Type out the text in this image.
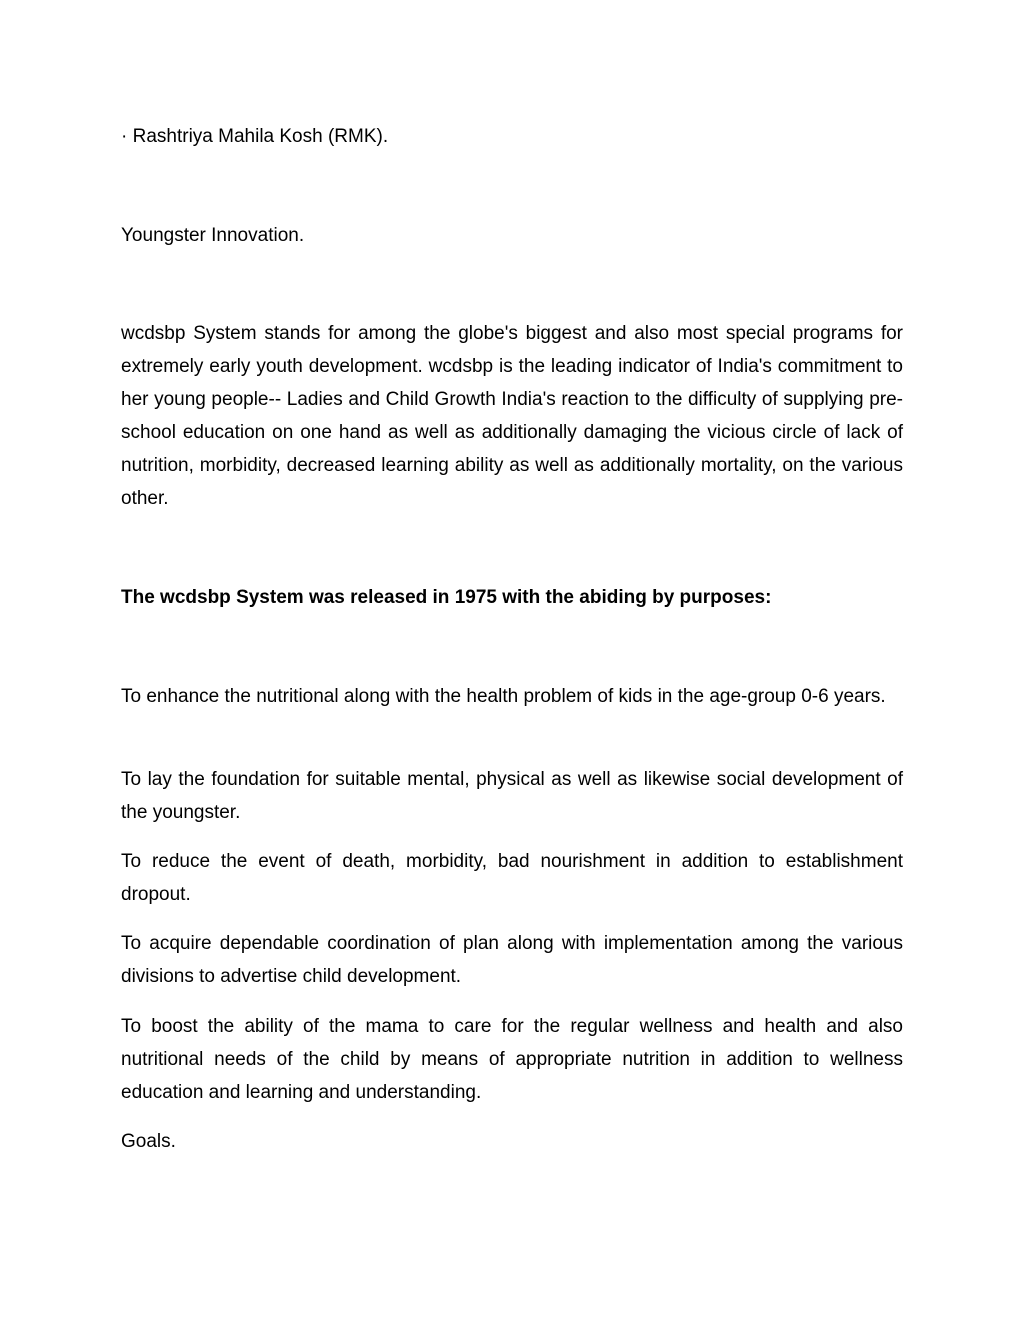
· Rashtriya Mahila Kosh (RMK).

Youngster Innovation.

wcdsbp System stands for among the globe's biggest and also most special programs for extremely early youth development. wcdsbp is the leading indicator of India's commitment to her young people-- Ladies and Child Growth India's reaction to the difficulty of supplying pre-school education on one hand as well as additionally damaging the vicious circle of lack of nutrition, morbidity, decreased learning ability as well as additionally mortality, on the various other.

The wcdsbp System was released in 1975 with the abiding by purposes:

To enhance the nutritional along with the health problem of kids in the age-group 0-6 years.

To lay the foundation for suitable mental, physical as well as likewise social development of the youngster.

To reduce the event of death, morbidity, bad nourishment in addition to establishment dropout.

To acquire dependable coordination of plan along with implementation among the various divisions to advertise child development.

To boost the ability of the mama to care for the regular wellness and health and also nutritional needs of the child by means of appropriate nutrition in addition to wellness education and learning and understanding.

Goals.
